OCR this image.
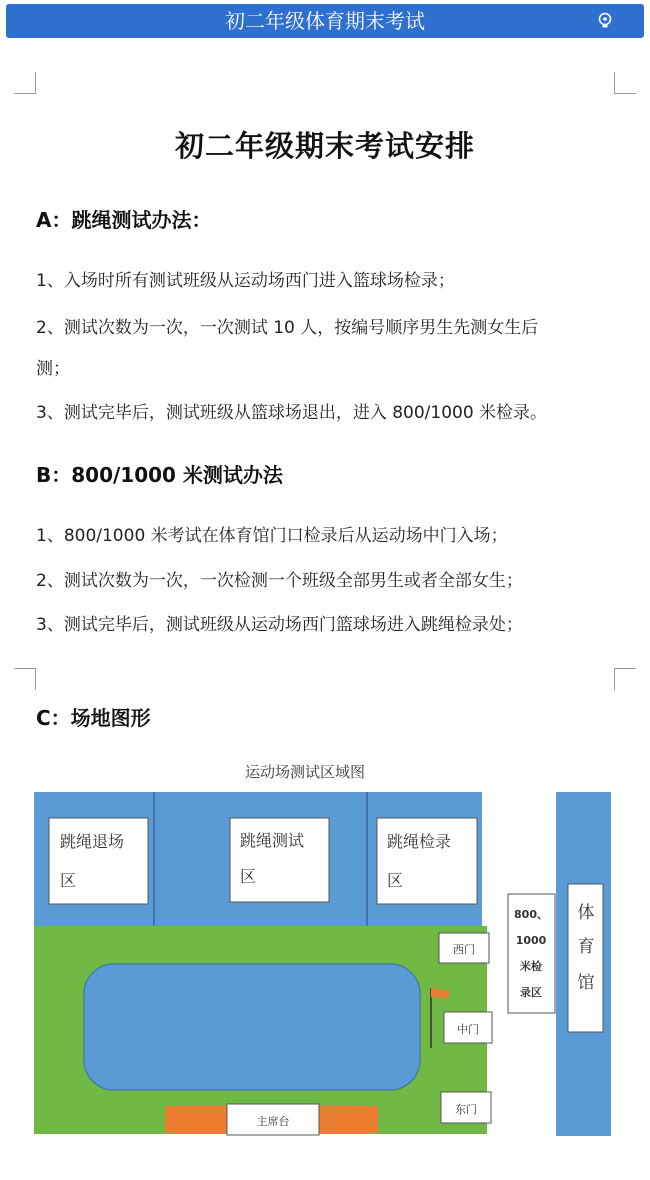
初二年级体育期末考试
初二年级期末考试安排
A：跳绳测试办法：
1、入场时所有测试班级从运动场西门进入篮球场检录；
2、测试次数为一次，一次测试 10 人，按编号顺序男生先测女生后
测；
3、测试完毕后，测试班级从篮球场退出，进入 800/1000 米检录。
B：800/1000 米测试办法
1、800/1000 米考试在体育馆门口检录后从运动场中门入场；
2、测试次数为一次，一次检测一个班级全部男生或者全部女生；
3、测试完毕后，测试班级从运动场西门篮球场进入跳绳检录处；
C：场地图形
运动场测试区域图
跳绳退场
区
跳绳测试
区
跳绳检录
区
西门
中门
东门
主席台
800、
1000
米检
录区
体
育
馆
